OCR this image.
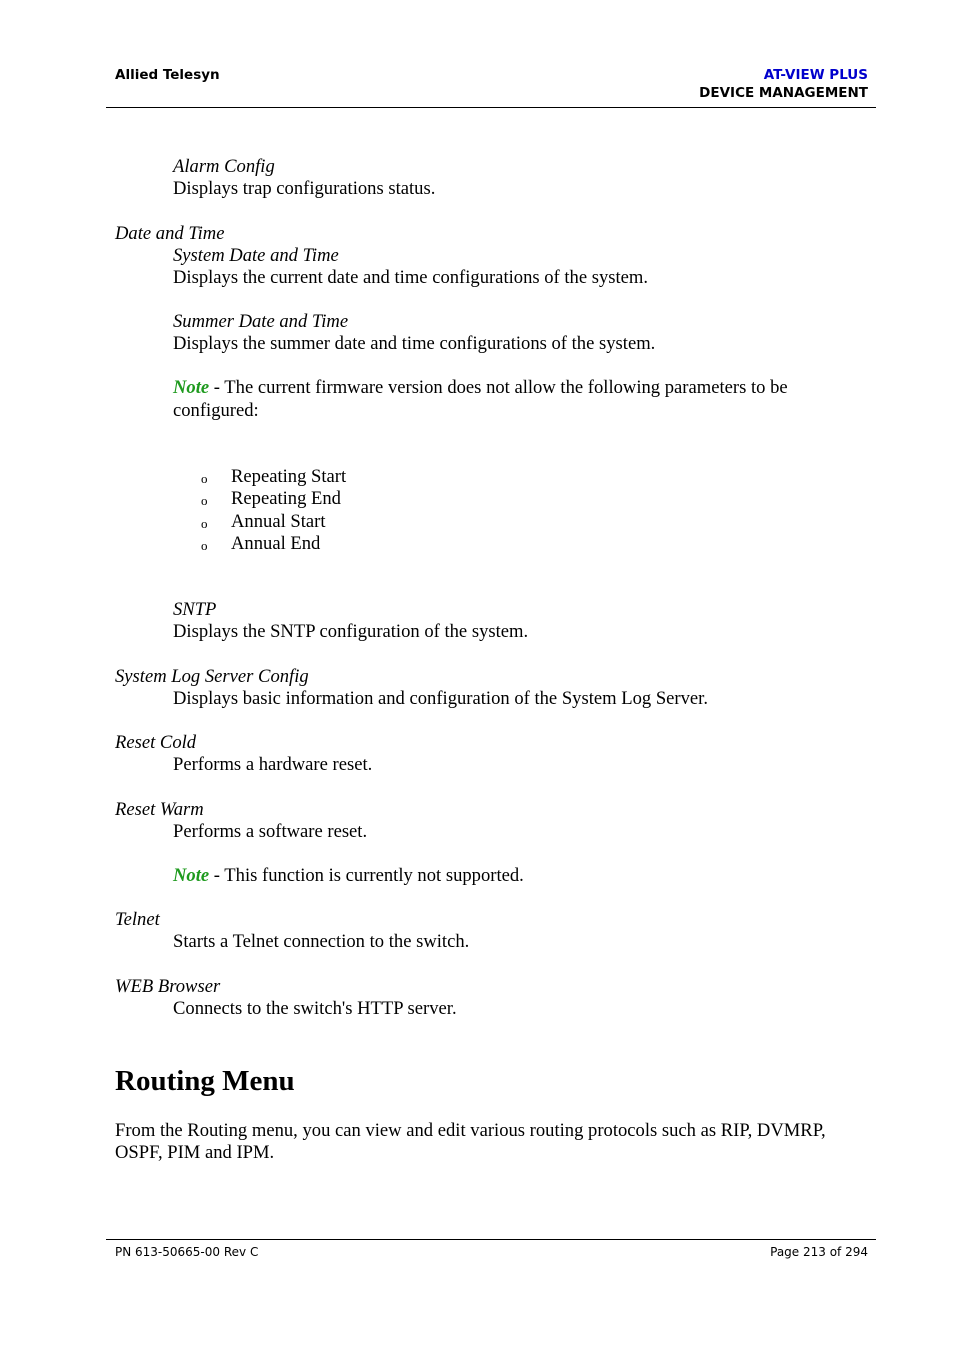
Allied Telesyn	AT-VIEW PLUS
DEVICE MANAGEMENT
Alarm Config
Displays trap configurations status.
Date and Time
System Date and Time
Displays the current date and time configurations of the system.
Summer Date and Time
Displays the summer date and time configurations of the system.
Note - The current firmware version does not allow the following parameters to be
configured:
o Repeating Start
o Repeating End
o Annual Start
o Annual End
SNTP
Displays the SNTP configuration of the system.
System Log Server Config
Displays basic information and configuration of the System Log Server.
Reset Cold
Performs a hardware reset.
Reset Warm
Performs a software reset.
Note - This function is currently not supported.
Telnet
Starts a Telnet connection to the switch.
WEB Browser
Connects to the switch's HTTP server.
Routing Menu
From the Routing menu, you can view and edit various routing protocols such as RIP, DVMRP,
OSPF, PIM and IPM.
PN 613-50665-00 Rev C	Page 213 of 294
